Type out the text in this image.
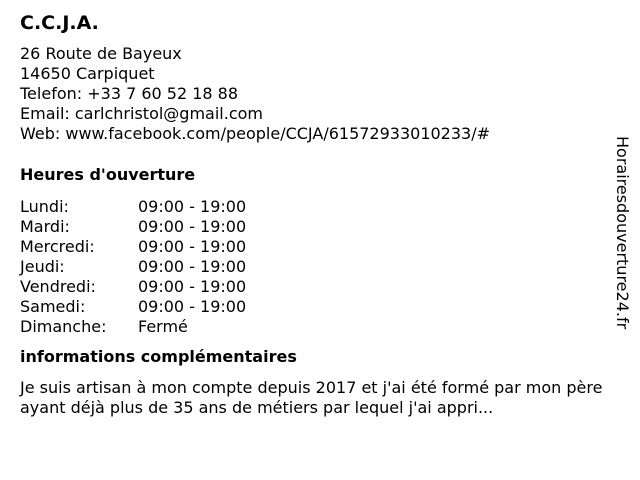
C.C.J.A.
26 Route de Bayeux
14650 Carpiquet
Telefon: +33 7 60 52 18 88
Email: carlchristol@gmail.com
Web: www.facebook.com/people/CCJA/61572933010233/#
Heures d'ouverture
Lundi:	09:00 - 19:00
Mardi:	09:00 - 19:00
Mercredi:	09:00 - 19:00
Jeudi:	09:00 - 19:00
Vendredi:	09:00 - 19:00
Samedi:	09:00 - 19:00
Dimanche:	Fermé
informations complémentaires
Je suis artisan à mon compte depuis 2017 et j'ai été formé par mon père ayant déjà plus de 35 ans de métiers par lequel j'ai appri...
Horairesdouverture24.fr
